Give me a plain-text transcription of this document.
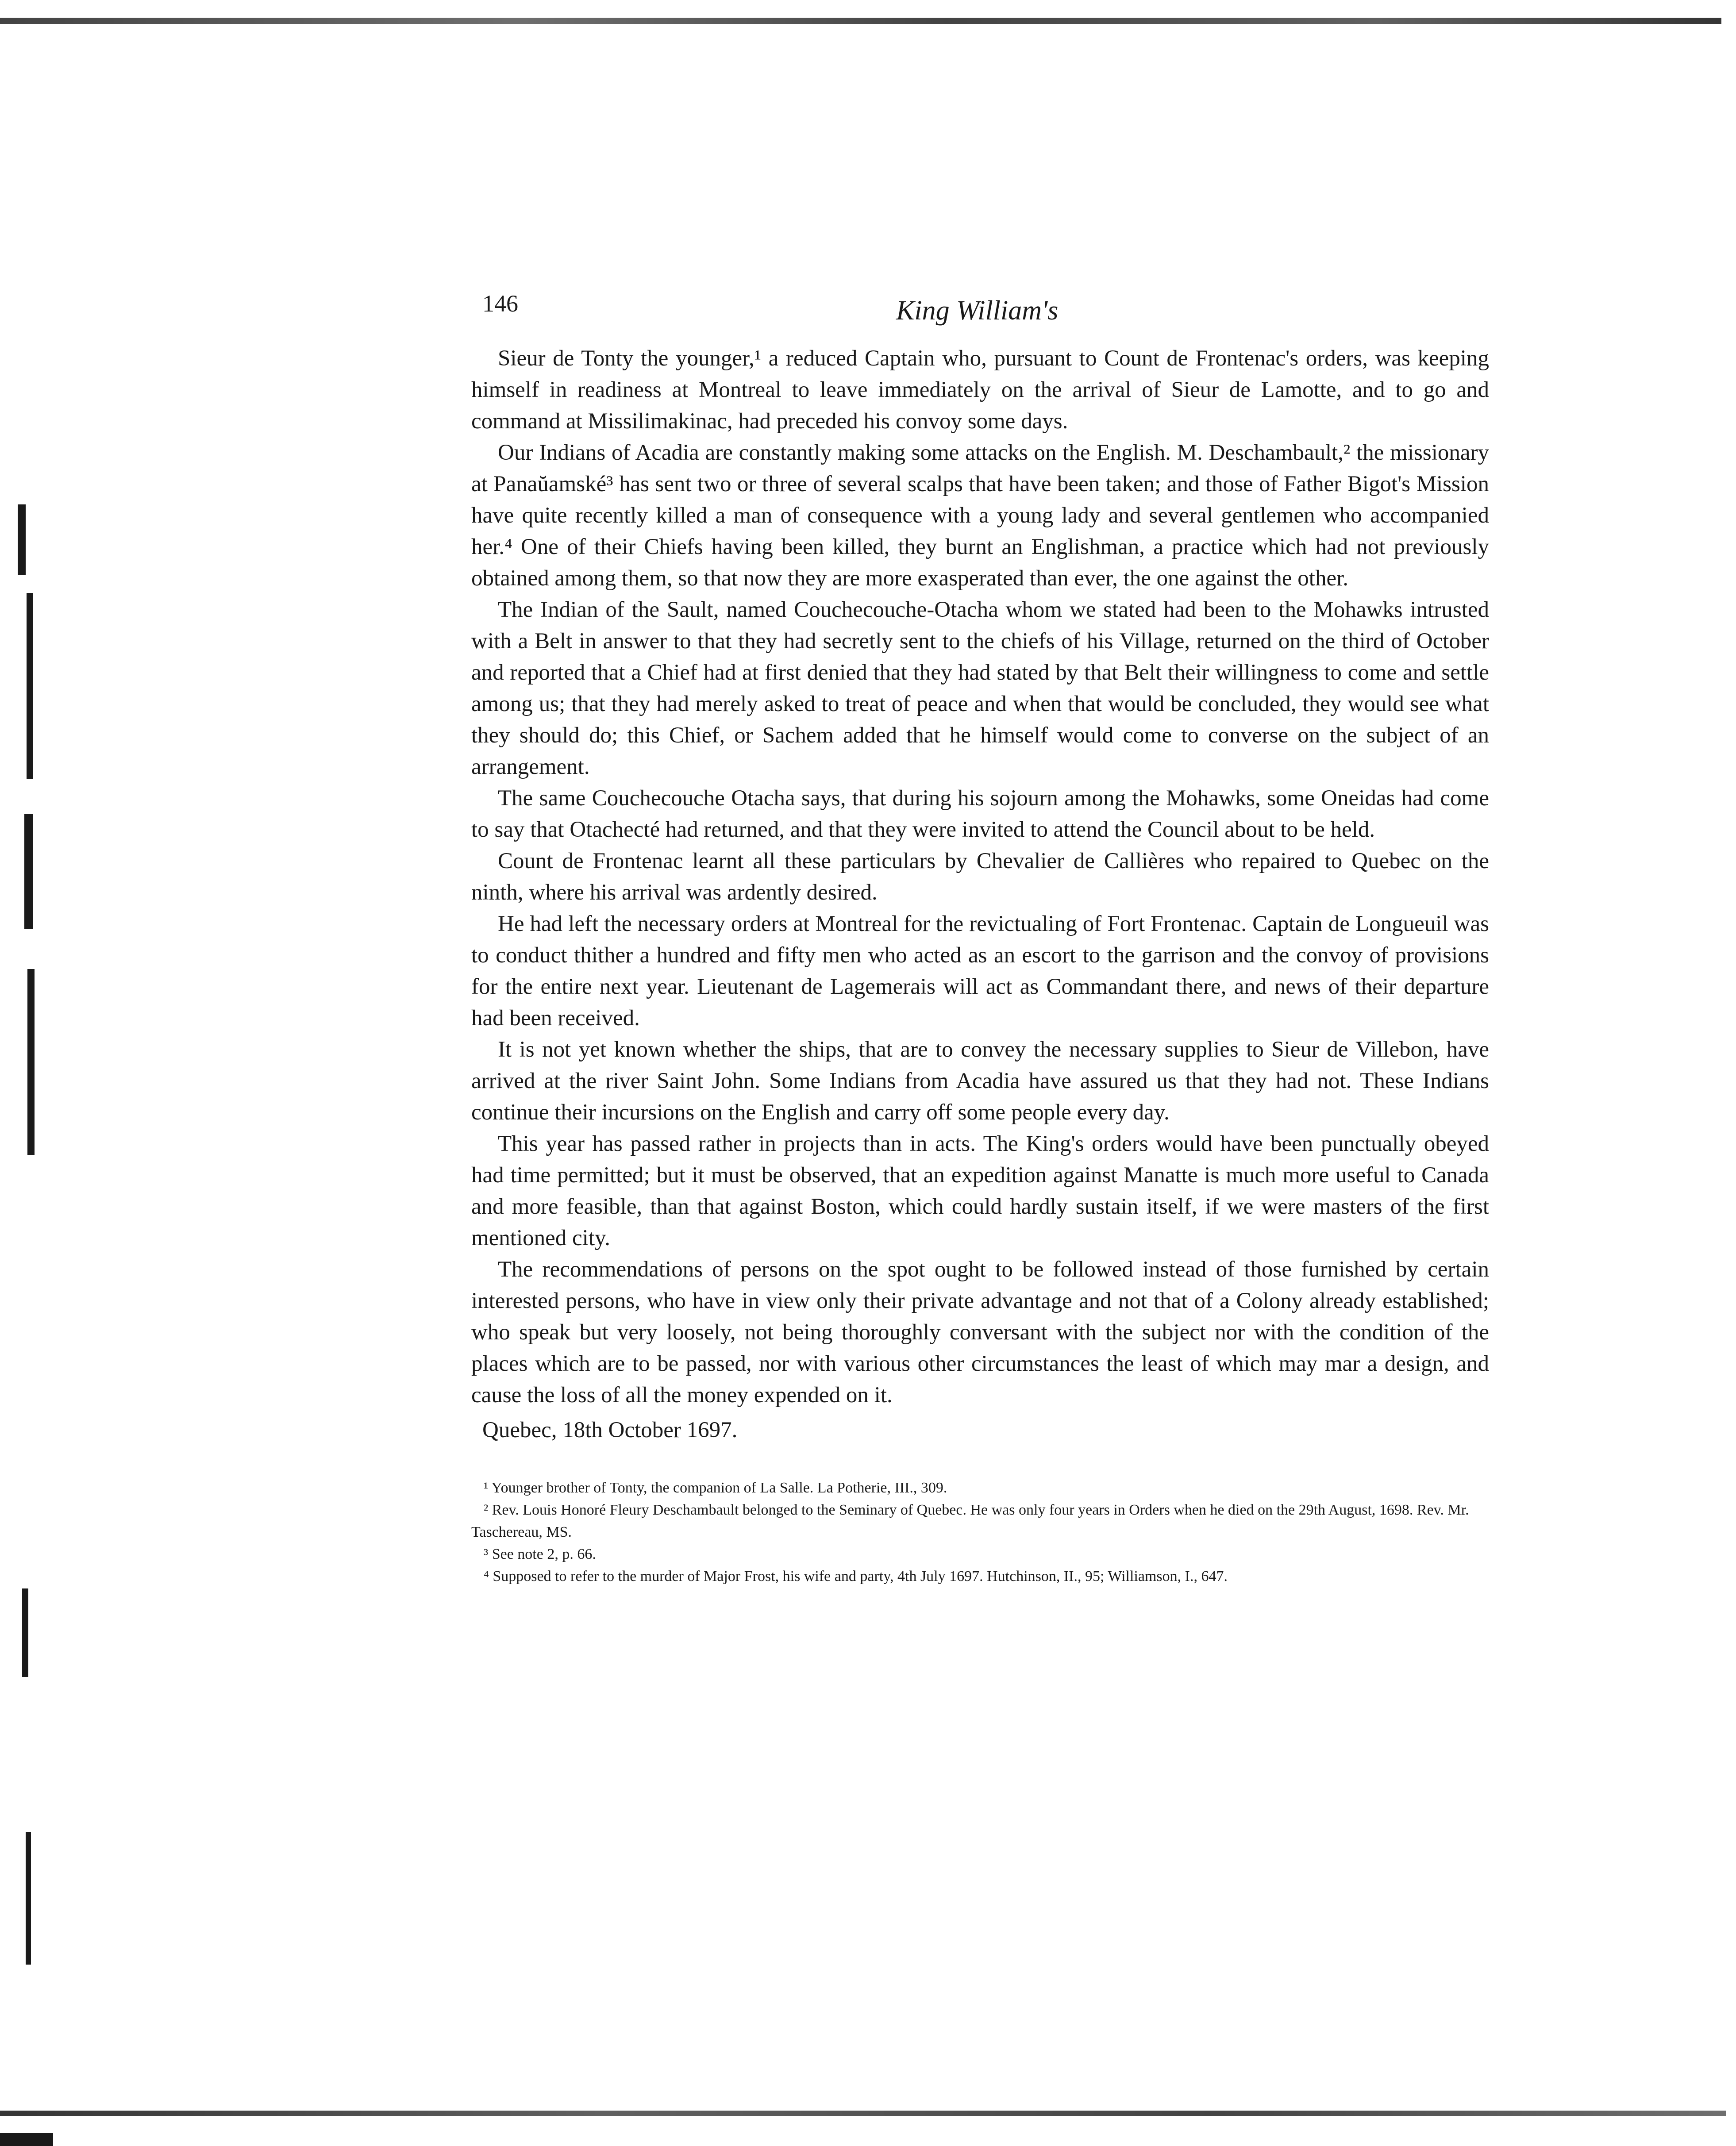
146	King William's

Sieur de Tonty the younger,¹ a reduced Captain who, pursuant to Count de Frontenac's orders, was keeping himself in readiness at Montreal to leave immediately on the arrival of Sieur de Lamotte, and to go and command at Missilimakinac, had preceded his convoy some days.

Our Indians of Acadia are constantly making some attacks on the English. M. Deschambault,² the missionary at Panaŭamské³ has sent two or three of several scalps that have been taken; and those of Father Bigot's Mission have quite recently killed a man of consequence with a young lady and several gentlemen who accompanied her.⁴ One of their Chiefs having been killed, they burnt an Englishman, a practice which had not previously obtained among them, so that now they are more exasperated than ever, the one against the other.

The Indian of the Sault, named Couchecouche-Otacha whom we stated had been to the Mohawks intrusted with a Belt in answer to that they had secretly sent to the chiefs of his Village, returned on the third of October and reported that a Chief had at first denied that they had stated by that Belt their willingness to come and settle among us; that they had merely asked to treat of peace and when that would be concluded, they would see what they should do; this Chief, or Sachem added that he himself would come to converse on the subject of an arrangement.

The same Couchecouche Otacha says, that during his sojourn among the Mohawks, some Oneidas had come to say that Otachecté had returned, and that they were invited to attend the Council about to be held.

Count de Frontenac learnt all these particulars by Chevalier de Callières who repaired to Quebec on the ninth, where his arrival was ardently desired.

He had left the necessary orders at Montreal for the revictualing of Fort Frontenac. Captain de Longueuil was to conduct thither a hundred and fifty men who acted as an escort to the garrison and the convoy of provisions for the entire next year. Lieutenant de Lagemerais will act as Commandant there, and news of their departure had been received.

It is not yet known whether the ships, that are to convey the necessary supplies to Sieur de Villebon, have arrived at the river Saint John. Some Indians from Acadia have assured us that they had not. These Indians continue their incursions on the English and carry off some people every day.

This year has passed rather in projects than in acts. The King's orders would have been punctually obeyed had time permitted; but it must be observed, that an expedition against Manatte is much more useful to Canada and more feasible, than that against Boston, which could hardly sustain itself, if we were masters of the first mentioned city.

The recommendations of persons on the spot ought to be followed instead of those furnished by certain interested persons, who have in view only their private advantage and not that of a Colony already established; who speak but very loosely, not being thoroughly conversant with the subject nor with the condition of the places which are to be passed, nor with various other circumstances the least of which may mar a design, and cause the loss of all the money expended on it.

Quebec, 18th October 1697.

¹ Younger brother of Tonty, the companion of La Salle. La Potherie, III., 309.

² Rev. Louis Honoré Fleury Deschambault belonged to the Seminary of Quebec. He was only four years in Orders when he died on the 29th August, 1698. Rev. Mr. Taschereau, MS.

³ See note 2, p. 66.

⁴ Supposed to refer to the murder of Major Frost, his wife and party, 4th July 1697. Hutchinson, II., 95; Williamson, I., 647.
